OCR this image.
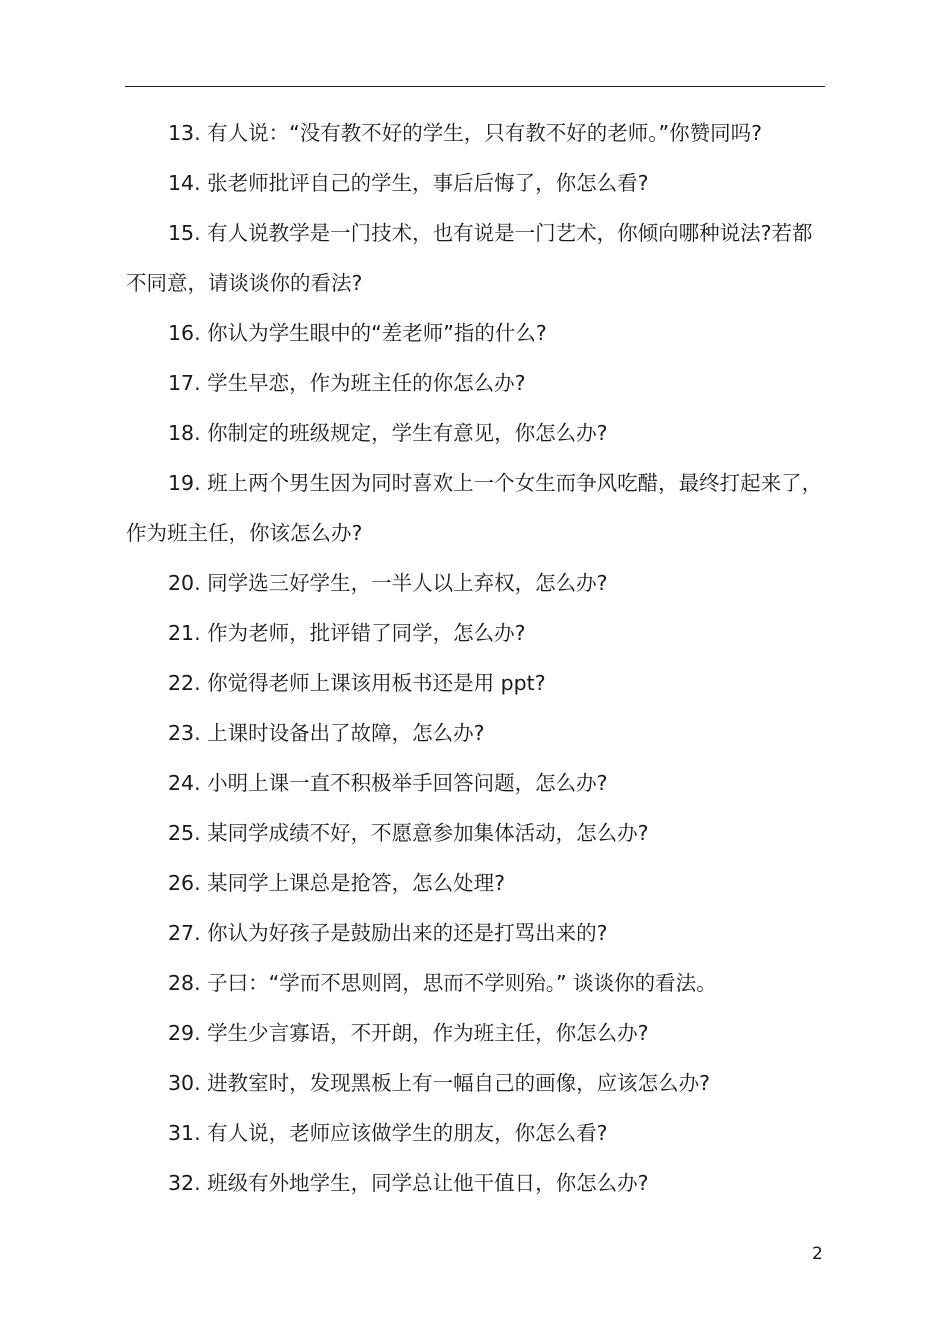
13. 有人说：“没有教不好的学生，只有教不好的老师。”你赞同吗?

14. 张老师批评自己的学生，事后后悔了，你怎么看?

15. 有人说教学是一门技术，也有说是一门艺术，你倾向哪种说法?若都不同意，请谈谈你的看法?

16. 你认为学生眼中的“差老师”指的什么?

17. 学生早恋，作为班主任的你怎么办?

18. 你制定的班级规定，学生有意见，你怎么办?

19. 班上两个男生因为同时喜欢上一个女生而争风吃醋，最终打起来了，作为班主任，你该怎么办?

20. 同学选三好学生，一半人以上弃权，怎么办?

21. 作为老师，批评错了同学，怎么办?

22. 你觉得老师上课该用板书还是用 ppt?

23. 上课时设备出了故障，怎么办?

24. 小明上课一直不积极举手回答问题，怎么办?

25. 某同学成绩不好，不愿意参加集体活动，怎么办?

26. 某同学上课总是抢答，怎么处理?

27. 你认为好孩子是鼓励出来的还是打骂出来的?

28. 子曰：“学而不思则罔，思而不学则殆。” 谈谈你的看法。

29. 学生少言寡语，不开朗，作为班主任，你怎么办?

30. 进教室时，发现黑板上有一幅自己的画像，应该怎么办?

31. 有人说，老师应该做学生的朋友，你怎么看?

32. 班级有外地学生，同学总让他干值日，你怎么办?

2
